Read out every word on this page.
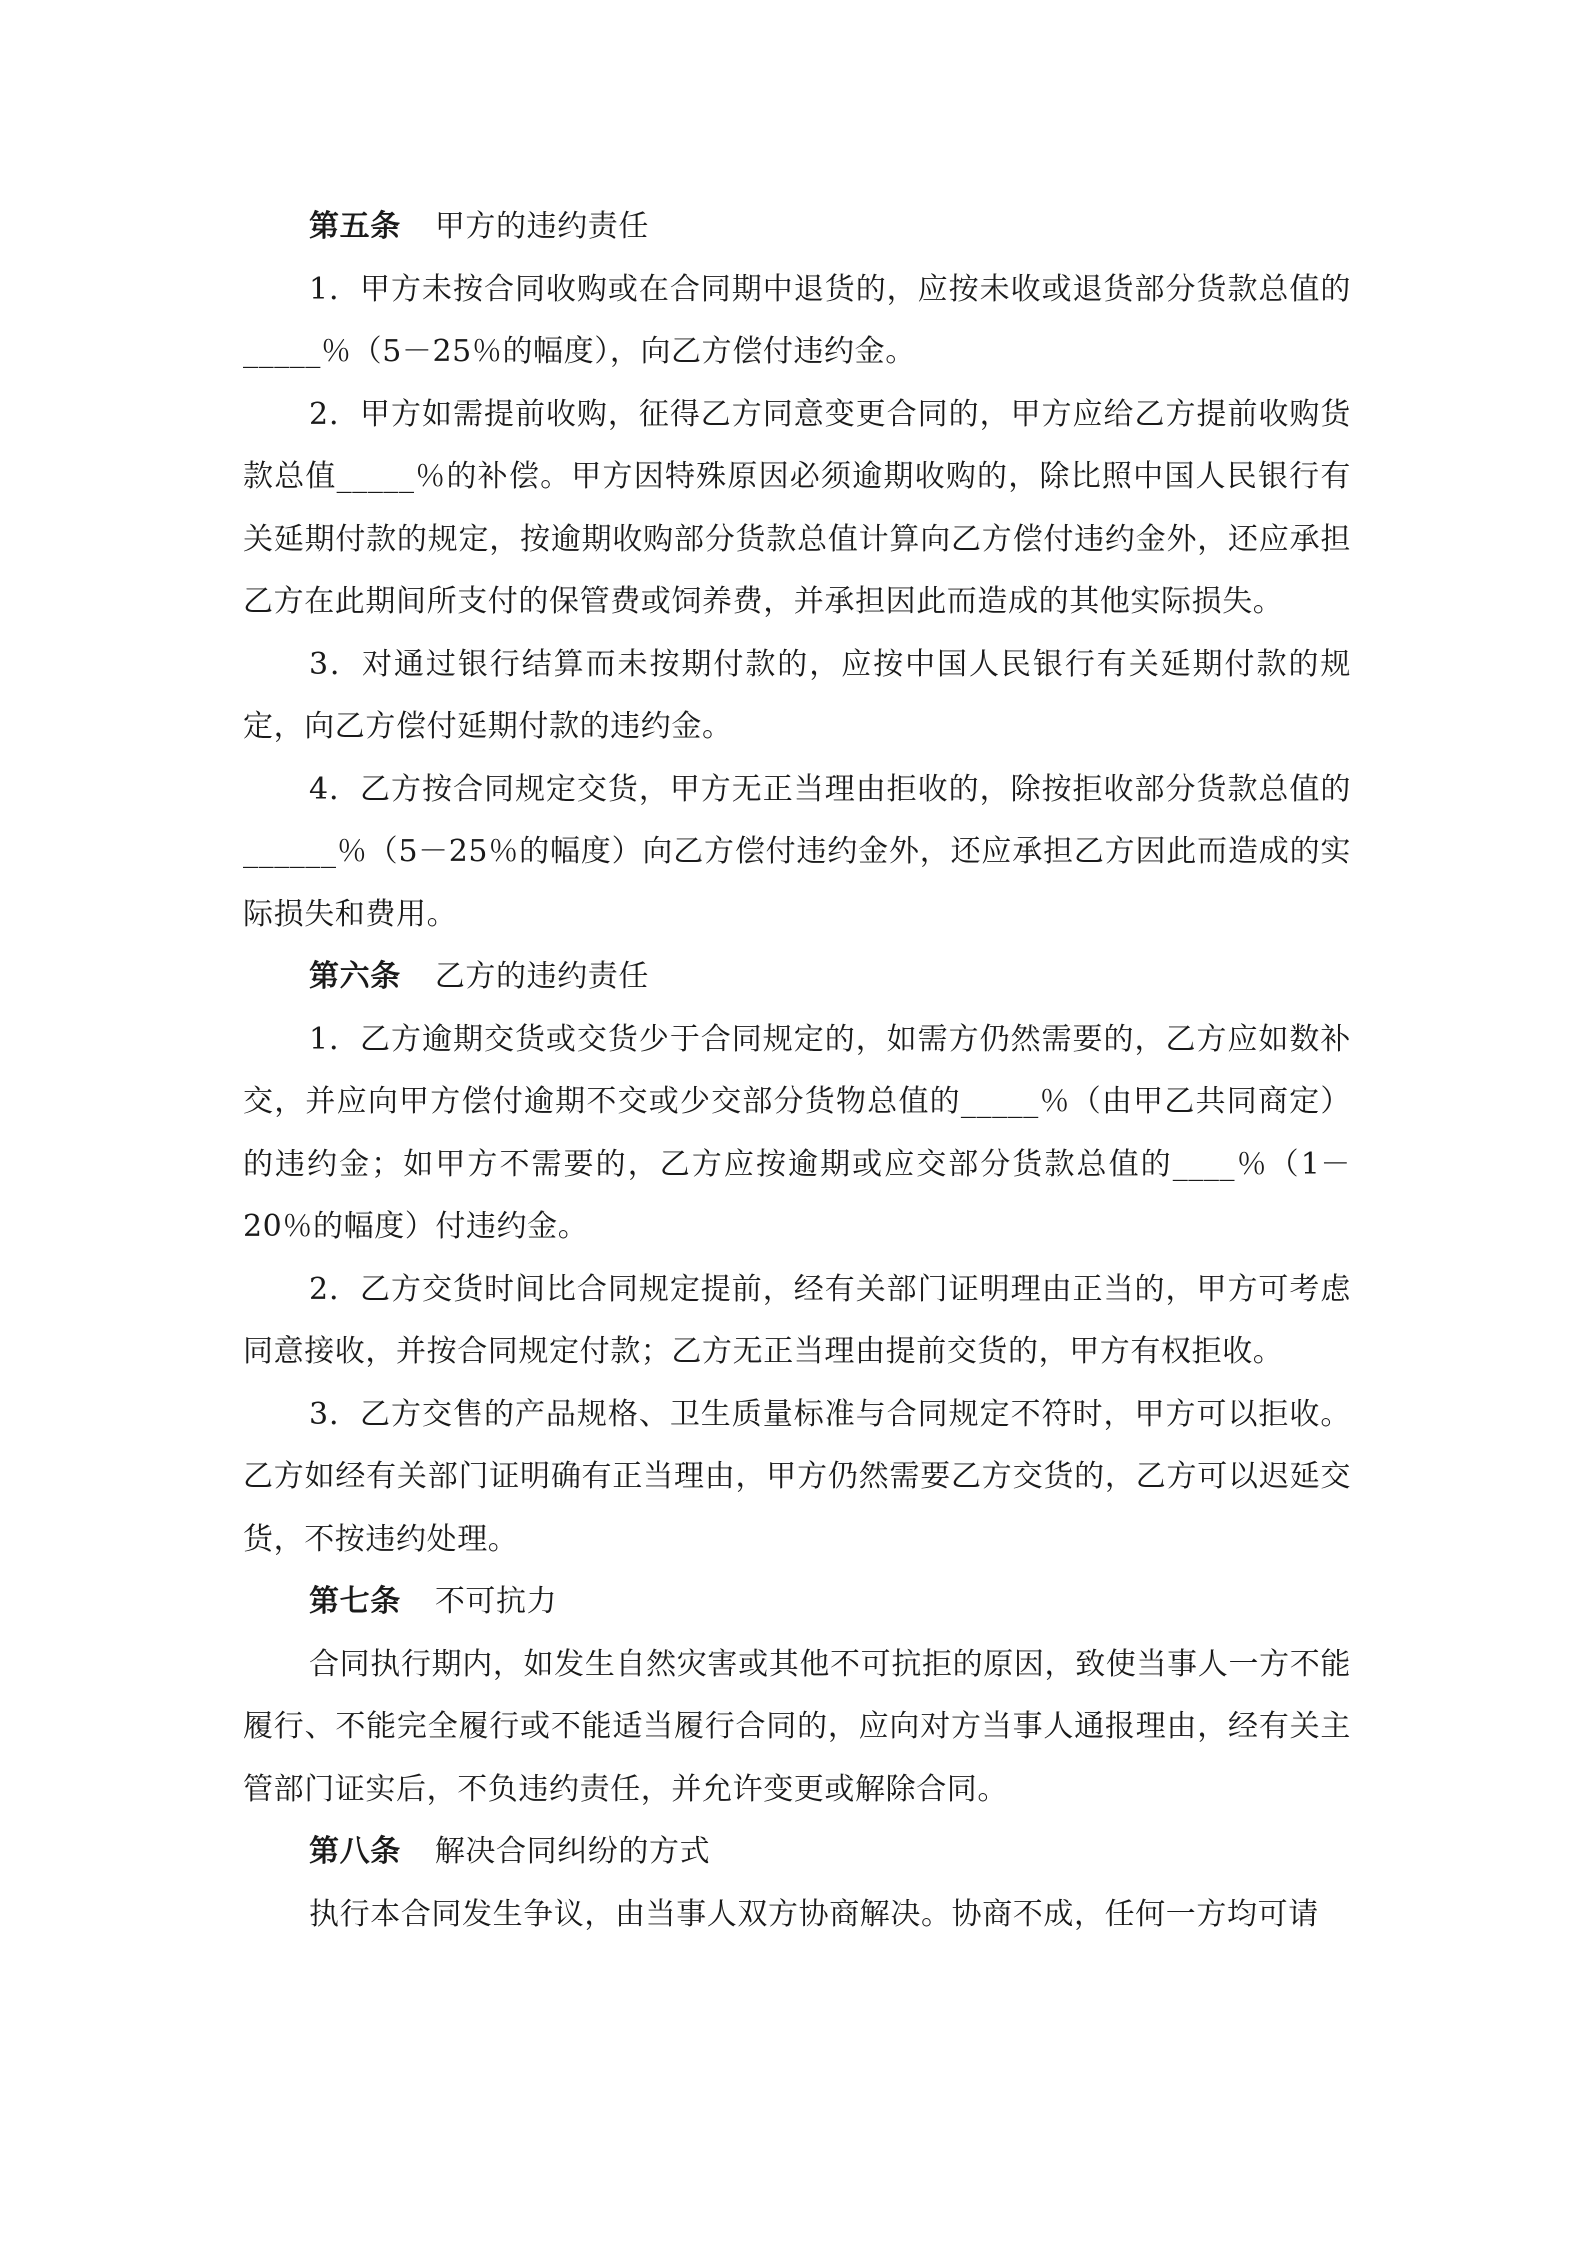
第五条 甲方的违约责任

1．甲方未按合同收购或在合同期中退货的，应按未收或退货部分货款总值的_____％（5－25％的幅度），向乙方偿付违约金。

2．甲方如需提前收购，征得乙方同意变更合同的，甲方应给乙方提前收购货款总值_____％的补偿。甲方因特殊原因必须逾期收购的，除比照中国人民银行有关延期付款的规定，按逾期收购部分货款总值计算向乙方偿付违约金外，还应承担乙方在此期间所支付的保管费或饲养费，并承担因此而造成的其他实际损失。

3．对通过银行结算而未按期付款的，应按中国人民银行有关延期付款的规定，向乙方偿付延期付款的违约金。

4．乙方按合同规定交货，甲方无正当理由拒收的，除按拒收部分货款总值的______％（5－25％的幅度）向乙方偿付违约金外，还应承担乙方因此而造成的实际损失和费用。

第六条 乙方的违约责任

1．乙方逾期交货或交货少于合同规定的，如需方仍然需要的，乙方应如数补交，并应向甲方偿付逾期不交或少交部分货物总值的_____％（由甲乙共同商定）的违约金；如甲方不需要的，乙方应按逾期或应交部分货款总值的____％（1－20％的幅度）付违约金。

2．乙方交货时间比合同规定提前，经有关部门证明理由正当的，甲方可考虑同意接收，并按合同规定付款；乙方无正当理由提前交货的，甲方有权拒收。

3．乙方交售的产品规格、卫生质量标准与合同规定不符时，甲方可以拒收。乙方如经有关部门证明确有正当理由，甲方仍然需要乙方交货的，乙方可以迟延交货，不按违约处理。

第七条 不可抗力

合同执行期内，如发生自然灾害或其他不可抗拒的原因，致使当事人一方不能履行、不能完全履行或不能适当履行合同的，应向对方当事人通报理由，经有关主管部门证实后，不负违约责任，并允许变更或解除合同。

第八条 解决合同纠纷的方式

执行本合同发生争议，由当事人双方协商解决。协商不成，任何一方均可请
